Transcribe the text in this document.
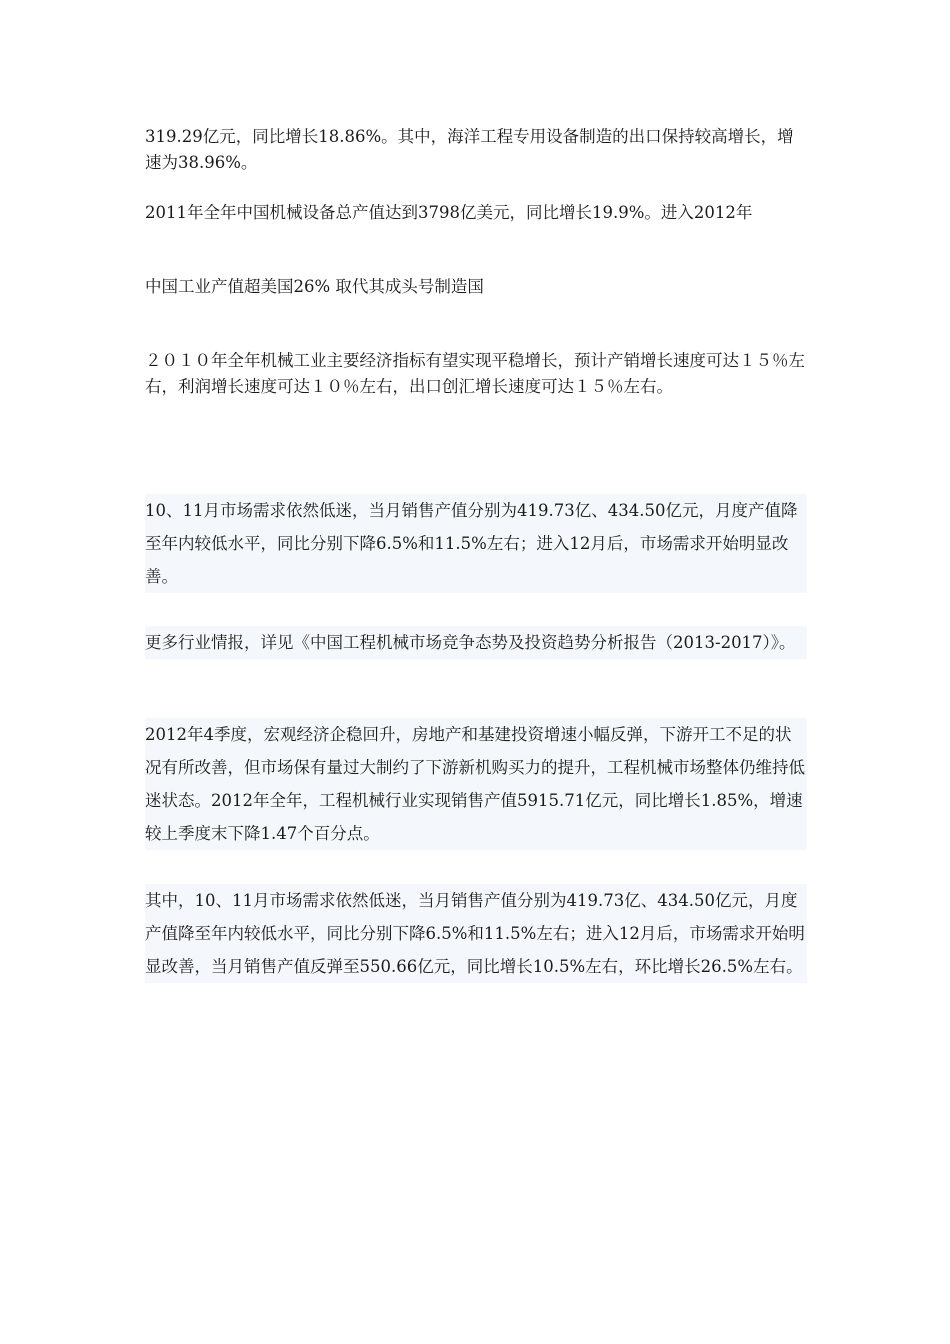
319.29亿元，同比增长18.86%。其中，海洋工程专用设备制造的出口保持较高增长，增速为38.96%。

2011年全年中国机械设备总产值达到3798亿美元，同比增长19.9%。进入2012年

中国工业产值超美国26% 取代其成头号制造国

２０１０年全年机械工业主要经济指标有望实现平稳增长，预计产销增长速度可达１５％左右，利润增长速度可达１０％左右，出口创汇增长速度可达１５％左右。

10、11月市场需求依然低迷，当月销售产值分别为419.73亿、434.50亿元，月度产值降至年内较低水平，同比分别下降6.5%和11.5%左右；进入12月后，市场需求开始明显改善。

更多行业情报，详见《中国工程机械市场竞争态势及投资趋势分析报告（2013-2017）》。

2012年4季度，宏观经济企稳回升，房地产和基建投资增速小幅反弹，下游开工不足的状况有所改善，但市场保有量过大制约了下游新机购买力的提升，工程机械市场整体仍维持低迷状态。2012年全年，工程机械行业实现销售产值5915.71亿元，同比增长1.85%，增速较上季度末下降1.47个百分点。

其中，10、11月市场需求依然低迷，当月销售产值分别为419.73亿、434.50亿元，月度产值降至年内较低水平，同比分别下降6.5%和11.5%左右；进入12月后，市场需求开始明显改善，当月销售产值反弹至550.66亿元，同比增长10.5%左右，环比增长26.5%左右。
